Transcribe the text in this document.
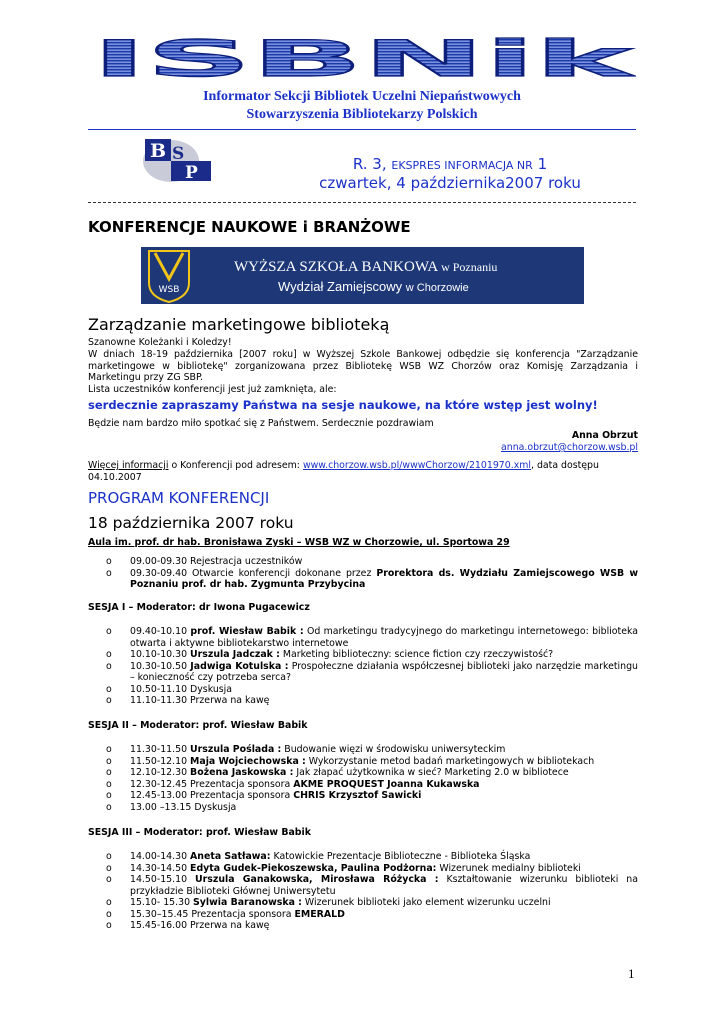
ISBNik
Informator Sekcji Bibliotek Uczelni Niepaństwowych
Stowarzyszenia Bibliotekarzy Polskich
B S
P	R. 3, EKSPRES INFORMACJA NR 1
czwartek, 4 października2007 roku
KONFERENCJE NAUKOWE i BRANŻOWE
WSB
WYŻSZA SZKOŁA BANKOWA w Poznaniu
Wydział Zamiejscowy w Chorzowie
Zarządzanie marketingowe biblioteką
Szanowne Koleżanki i Koledzy!
W dniach 18-19 października [2007 roku] w Wyższej Szkole Bankowej odbędzie się konferencja "Zarządzanie marketingowe w bibliotekę" zorganizowana przez Bibliotekę WSB WZ Chorzów oraz Komisję Zarządzania i Marketingu przy ZG SBP.
Lista uczestników konferencji jest już zamknięta, ale:
serdecznie zapraszamy Państwa na sesje naukowe, na które wstęp jest wolny!
Będzie nam bardzo miło spotkać się z Państwem. Serdecznie pozdrawiam
Anna Obrzut
anna.obrzut@chorzow.wsb.pl
Więcej informacji o Konferencji pod adresem: www.chorzow.wsb.pl/wwwChorzow/2101970.xml, data dostępu 04.10.2007
PROGRAM KONFERENCJI
18 października 2007 roku
Aula im. prof. dr hab. Bronisława Zyski – WSB WZ w Chorzowie, ul. Sportowa 29
o 09.00-09.30 Rejestracja uczestników
o 09.30-09.40 Otwarcie konferencji dokonane przez Prorektora ds. Wydziału Zamiejscowego WSB w Poznaniu prof. dr hab. Zygmunta Przybycina
SESJA I – Moderator: dr Iwona Pugacewicz
o 09.40-10.10 prof. Wiesław Babik : Od marketingu tradycyjnego do marketingu internetowego: biblioteka otwarta i aktywne bibliotekarstwo internetowe
o 10.10-10.30 Urszula Jadczak : Marketing biblioteczny: science fiction czy rzeczywistość?
o 10.30-10.50 Jadwiga Kotulska : Prospołeczne działania współczesnej biblioteki jako narzędzie marketingu – konieczność czy potrzeba serca?
o 10.50-11.10 Dyskusja
o 11.10-11.30 Przerwa na kawę
SESJA II – Moderator: prof. Wiesław Babik
o 11.30-11.50 Urszula Poślada : Budowanie więzi w środowisku uniwersyteckim
o 11.50-12.10 Maja Wojciechowska : Wykorzystanie metod badań marketingowych w bibliotekach
o 12.10-12.30 Bożena Jaskowska : Jak złapać użytkownika w sieć? Marketing 2.0 w bibliotece
o 12.30-12.45 Prezentacja sponsora AKME PROQUEST Joanna Kukawska
o 12.45-13.00 Prezentacja sponsora CHRIS Krzysztof Sawicki
o 13.00 –13.15 Dyskusja
SESJA III – Moderator: prof. Wiesław Babik
o 14.00-14.30 Aneta Satława: Katowickie Prezentacje Biblioteczne - Biblioteka Śląska
o 14.30-14.50 Edyta Gudek-Piekoszewska, Paulina Podżorna: Wizerunek medialny biblioteki
o 14.50-15.10 Urszula Ganakowska, Mirosława Różycka : Kształtowanie wizerunku biblioteki na przykładzie Biblioteki Głównej Uniwersytetu
o 15.10- 15.30 Sylwia Baranowska : Wizerunek biblioteki jako element wizerunku uczelni
o 15.30–15.45 Prezentacja sponsora EMERALD
o 15.45-16.00 Przerwa na kawę
1
